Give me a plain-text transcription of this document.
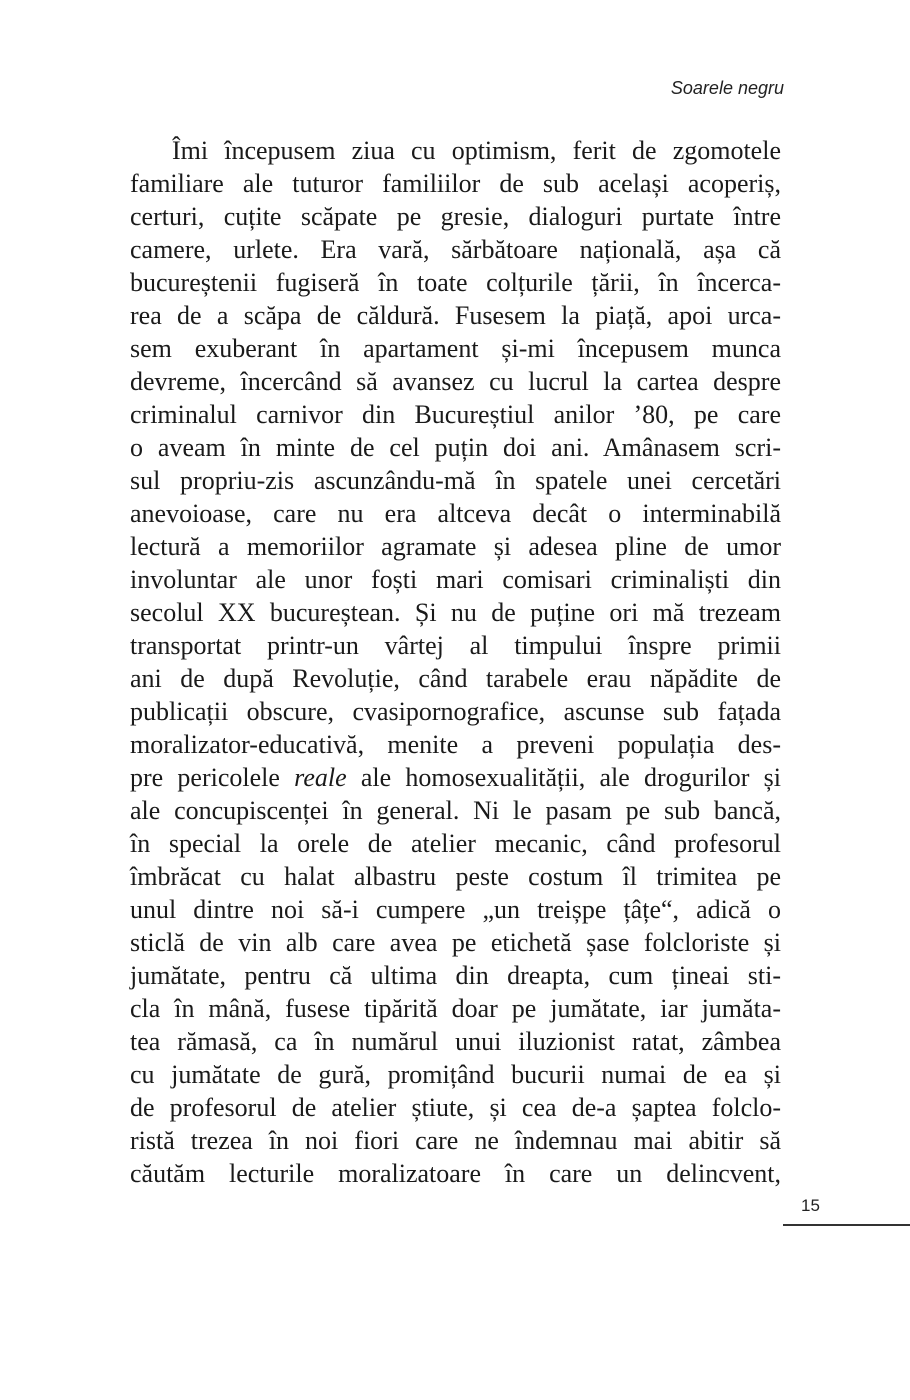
Soarele negru
Îmi începusem ziua cu optimism, ferit de zgomotele
familiare ale tuturor familiilor de sub același acoperiș,
certuri, cuțite scăpate pe gresie, dialoguri purtate între
camere, urlete. Era vară, sărbătoare națională, așa că
bucureștenii fugiseră în toate colțurile țării, în încerca-
rea de a scăpa de căldură. Fusesem la piață, apoi urca-
sem exuberant în apartament și-mi începusem munca
devreme, încercând să avansez cu lucrul la cartea despre
criminalul carnivor din Bucureștiul anilor ’80, pe care
o aveam în minte de cel puțin doi ani. Amânasem scri-
sul propriu-zis ascunzându-mă în spatele unei cercetări
anevoioase, care nu era altceva decât o interminabilă
lectură a memoriilor agramate și adesea pline de umor
involuntar ale unor foști mari comisari criminaliști din
secolul XX bucureștean. Și nu de puține ori mă trezeam
transportat printr-un vârtej al timpului înspre primii
ani de după Revoluție, când tarabele erau năpădite de
publicații obscure, cvasipornografice, ascunse sub fațada
moralizator-educativă, menite a preveni populația des-
pre pericolele reale ale homosexualității, ale drogurilor și
ale concupiscenței în general. Ni le pasam pe sub bancă,
în special la orele de atelier mecanic, când profesorul
îmbrăcat cu halat albastru peste costum îl trimitea pe
unul dintre noi să-i cumpere „un treișpe țâțe“, adică o
sticlă de vin alb care avea pe etichetă șase folcloriste și
jumătate, pentru că ultima din dreapta, cum țineai sti-
cla în mână, fusese tipărită doar pe jumătate, iar jumăta-
tea rămasă, ca în numărul unui iluzionist ratat, zâmbea
cu jumătate de gură, promițând bucurii numai de ea și
de profesorul de atelier știute, și cea de-a șaptea folclo-
ristă trezea în noi fiori care ne îndemnau mai abitir să
căutăm lecturile moralizatoare în care un delincvent,
15
